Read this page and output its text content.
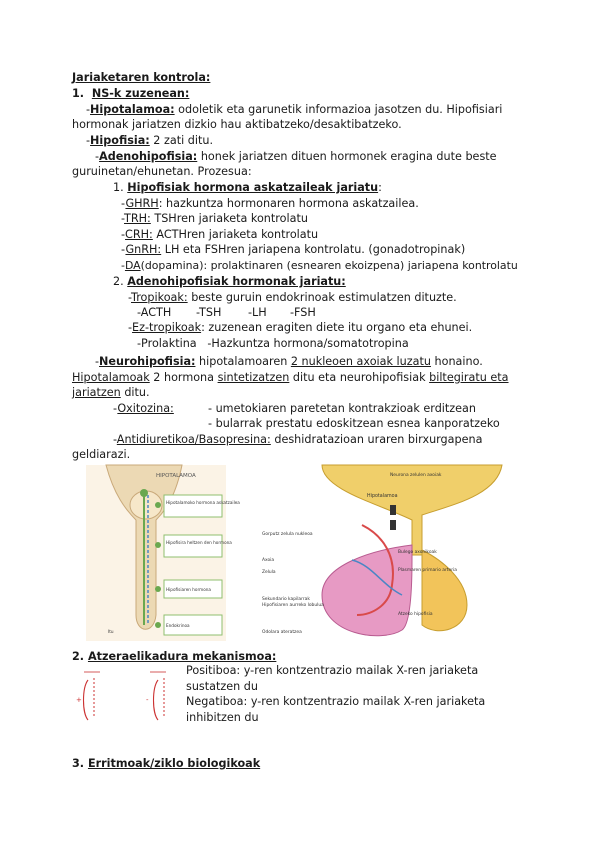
Jariaketaren kontrola:
1. NS-k zuzenean:
-Hipotalamoa: odoletik eta garunetik informazioa jasotzen du. Hipofisiari
hormonak jariatzen dizkio hau aktibatzeko/desaktibatzeko.
-Hipofisia: 2 zati ditu.
-Adenohipofisia: honek jariatzen dituen hormonek eragina dute beste
guruinetan/ehunetan. Prozesua:
1. Hipofisiak hormona askatzaileak jariatu:
-GHRH: hazkuntza hormonaren hormona askatzailea.
-TRH: TSHren jariaketa kontrolatu
-CRH: ACTHren jariaketa kontrolatu
-GnRH: LH eta FSHren jariapena kontrolatu. (gonadotropinak)
-DA(dopamina): prolaktinaren (esnearen ekoizpena) jariapena kontrolatu
2. Adenohipofisiak hormonak jariatu:
-Tropikoak: beste guruin endokrinoak estimulatzen dituzte.
-ACTH -TSH -LH -FSH
-Ez-tropikoak: zuzenean eragiten diete itu organo eta ehunei.
-Prolaktina   -Hazkuntza hormona/somatotropina
-Neurohipofisia: hipotalamoaren 2 nukleoen axoiak luzatu honaino.
Hipotalamoak 2 hormona sintetizatzen ditu eta neurohipofisiak biltegiratu eta
jariatzen ditu.
-Oxitozina:	- umetokiaren paretetan kontrakzioak erditzean
- bularrak prestatu edoskitzean esnea kanporatzeko
-Antidiuretikoa/Basopresina: deshidratazioan uraren birxurgapena
geldiarazi.
HIPOTALAMOA
Hipotalamoko hormona askatzailea
Hipofisira heltzen den hormona
Hipofisiaren hormona
Endokrinoa
Itu
Neurona zelulen axoiak
Hipotalamoa
Bulego axonikoak
Plasmaren primario arteria
Atzeko hipofisia
Gorputz zelula nukleoa
Axoia
Zelula
Sekundario kapilarrak
Hipofisiaren aurreko lobulua
Odolara ateratzea
2. Atzeraelikadura mekanismoa:
+	-
Positiboa: y-ren kontzentrazio mailak X-ren jariaketa
sustatzen du
Negatiboa: y-ren kontzentrazio mailak X-ren jariaketa
inhibitzen du
3. Erritmoak/ziklo biologikoak
